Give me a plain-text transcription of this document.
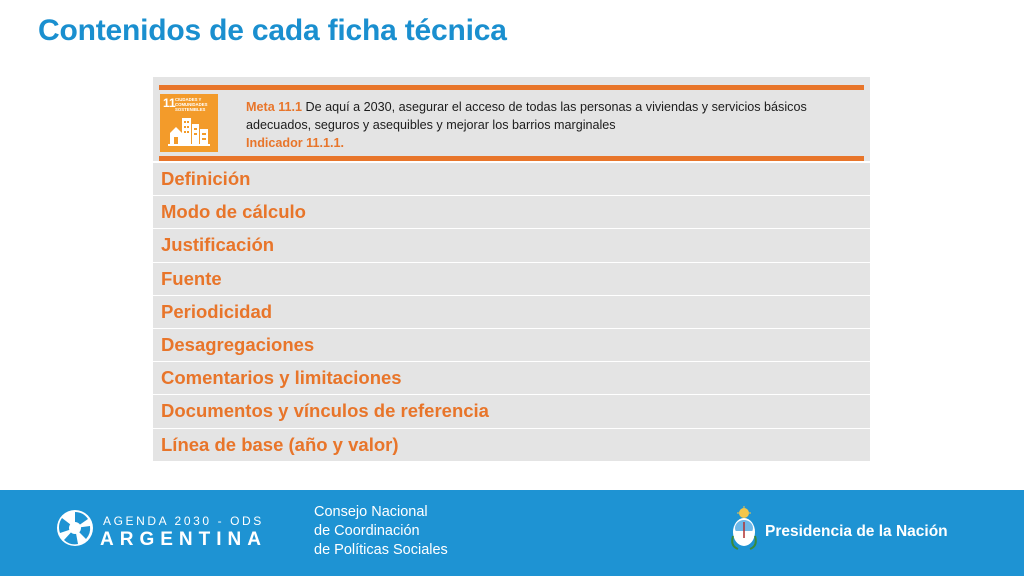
Contenidos de cada ficha técnica
11 CIUDADES Y COMUNIDADES SOSTENIBLES	Meta 11.1 De aquí a 2030, asegurar el acceso de todas las personas a viviendas y servicios básicos adecuados, seguros y asequibles y mejorar los barrios marginales
Indicador 11.1.1.
Definición
Modo de cálculo
Justificación
Fuente
Periodicidad
Desagregaciones
Comentarios y limitaciones
Documentos y vínculos de referencia
Línea de base (año y valor)
AGENDA 2030 - ODS
ARGENTINA
Consejo Nacional
de Coordinación
de Políticas Sociales
Presidencia de la Nación
